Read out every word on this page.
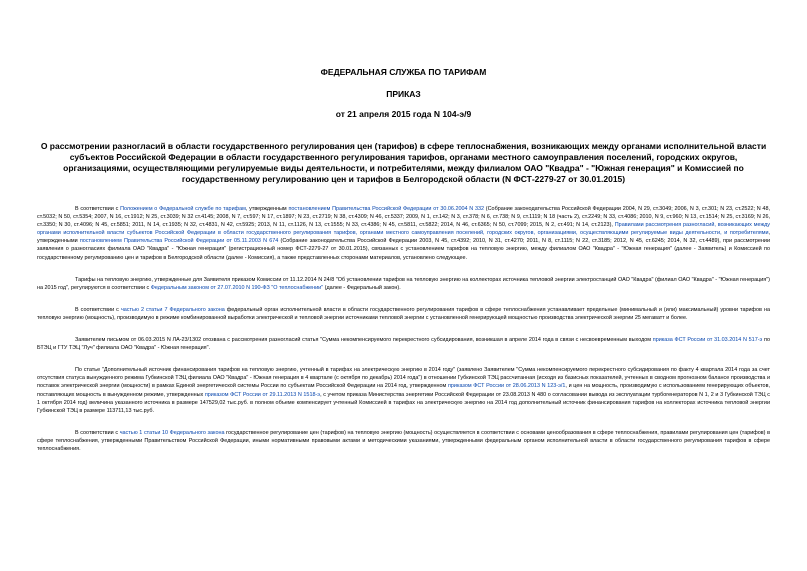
ФЕДЕРАЛЬНАЯ СЛУЖБА ПО ТАРИФАМ
ПРИКАЗ
от 21 апреля 2015 года N 104-э/9
О рассмотрении разногласий в области государственного регулирования цен (тарифов) в сфере теплоснабжения, возникающих между органами исполнительной власти субъектов Российской Федерации в области государственного регулирования тарифов, органами местного самоуправления поселений, городских округов, организациями, осуществляющими регулируемые виды деятельности, и потребителями, между филиалом ОАО "Квадра" - "Южная генерация" и Комиссией по государственному регулированию цен и тарифов в Белгородской области (N ФСТ-2279-27 от 30.01.2015)

В соответствии с Положением о Федеральной службе по тарифам, утвержденным постановлением Правительства Российской Федерации от 30.06.2004 N 332 (Собрание законодательства Российской Федерации 2004, N 29, ст.3049; 2006, N 3, ст.301; N 23, ст.2522; N 48, ст.5032; N 50, ст.5354; 2007, N 16, ст.1912; N 25, ст.3039; N 32 ст.4145; 2008, N 7, ст.597; N 17, ст.1897; N 23, ст.2719; N 38, ст.4309; N 46, ст.5337; 2009, N 1, ст.142; N 3, ст.378; N 6, ст.738; N 9, ст.1119; N 18 (часть 2), ст.2249; N 33, ст.4086; 2010, N 9, ст.960; N 13, ст.1514; N 25, ст.3169; N 26, ст.3350; N 30, ст.4096; N 45, ст.5851; 2011, N 14, ст.1935; N 32, ст.4831, N 42, ст.5925; 2013, N 11, ст.1126, N 13, ст.1555; N 33, ст.4386; N 45, ст.5811, ст.5822; 2014, N 46, ст.6365; N 50, ст.7099; 2015, N 2, ст.491; N 14, ст.2123), Правилами рассмотрения разногласий, возникающих между органами исполнительной власти субъектов Российской Федерации в области государственного регулирования тарифов, органами местного самоуправления поселений, городских округов, организациями, осуществляющими регулируемые виды деятельности, и потребителями, утвержденными постановлением Правительства Российской Федерации от 05.11.2003 N 674 (Собрание законодательства Российской Федерации 2003, N 45, ст.4392; 2010, N 31, ст.4270; 2011, N 8, ст.1115; N 22, ст.3185; 2012, N 45, ст.6245; 2014, N 32, ст.4489), при рассмотрении заявления о разногласиях филиала ОАО "Квадра" - "Южная генерация" (регистрационный номер ФСТ-2279-27 от 30.01.2015), связанных с установлением тарифов на тепловую энергию, между филиалом ОАО "Квадра" - "Южная генерация" (далее - Заявитель) и Комиссией по государственному регулированию цен и тарифов в Белгородской области (далее - Комиссия), а также представленных сторонами материалов, установлено следующее.

Тарифы на тепловую энергию, утвержденные для Заявителя приказом Комиссии от 11.12.2014 N 24/8 "Об установлении тарифов на тепловую энергию на коллекторах источника тепловой энергии электростанций ОАО "Квадра" (филиал ОАО "Квадра" - "Южная генерация") на 2015 год", регулируются в соответствии с Федеральным законом от 27.07.2010 N 190-ФЗ "О теплоснабжении" (далее - Федеральный закон).

В соответствии с частью 2 статьи 7 Федерального закона федеральный орган исполнительной власти в области государственного регулирования тарифов в сфере теплоснабжения устанавливает предельные (минимальный и (или) максимальный) уровни тарифов на тепловую энергию (мощность), производимую в режиме комбинированной выработки электрической и тепловой энергии источниками тепловой энергии с установленной генерирующей мощностью производства электрической энергии 25 мегаватт и более.

Заявителем письмом от 06.03.2015 N ЛА-23/1302 отозвана с рассмотрения разногласий статья "Сумма некомпенсируемого перекрестного субсидирования, возникшая в апреле 2014 года в связи с несвоевременным выходом приказа ФСТ России от 31.03.2014 N 517-э по БТЭЦ и ГТУ ТЭЦ "Луч" филиала ОАО "Квадра" - Южная генерация".

По статье "Дополнительный источник финансирования тарифов на тепловую энергию, учтенный в тарифах на электрическую энергию в 2014 году" (заявлено Заявителем "Сумма некомпенсируемого перекрестного субсидирования по факту 4 квартала 2014 года за счет отсутствия статуса вынужденного режима Губкинской ТЭЦ филиала ОАО "Квадра" - Южная генерация в 4 квартале (с октября по декабрь) 2014 года") в отношении Губкинской ТЭЦ рассчитанная (исходя из базисных показателей, учтенных в сводном прогнозном балансе производства и поставок электрической энергии (мощности) в рамках Единой энергетической системы России по субъектам Российской Федерации на 2014 год, утвержденном приказом ФСТ России от 28.06.2013 N 123-э/1, и цен на мощность, производимую с использованием генерирующих объектов, поставляющих мощность в вынужденном режиме, утвержденных приказом ФСТ России от 29.11.2013 N 1518-э, с учетом приказа Министерства энергетики Российской Федерации от 23.08.2013 N 480 о согласовании вывода из эксплуатации турбогенераторов N 1, 2 и 3 Губкинской ТЭЦ с 1 октября 2014 год) величина указанного источника в размере 147529,02 тыс.руб. в полном объеме компенсирует учтенный Комиссией в тарифах на электрическую энергию на 2014 год дополнительный источник финансирования тарифов на коллекторах источника тепловой энергии Губкинской ТЭЦ в размере 113711,13 тыс.руб.

В соответствии с частью 1 статьи 10 Федерального закона государственное регулирование цен (тарифов) на тепловую энергию (мощность) осуществляется в соответствии с основами ценообразования в сфере теплоснабжения, правилами регулирования цен (тарифов) в сфере теплоснабжения, утвержденными Правительством Российской Федерации, иными нормативными правовыми актами и методическими указаниями, утвержденными федеральным органом исполнительной власти в области государственного регулирования тарифов в сфере теплоснабжения.
